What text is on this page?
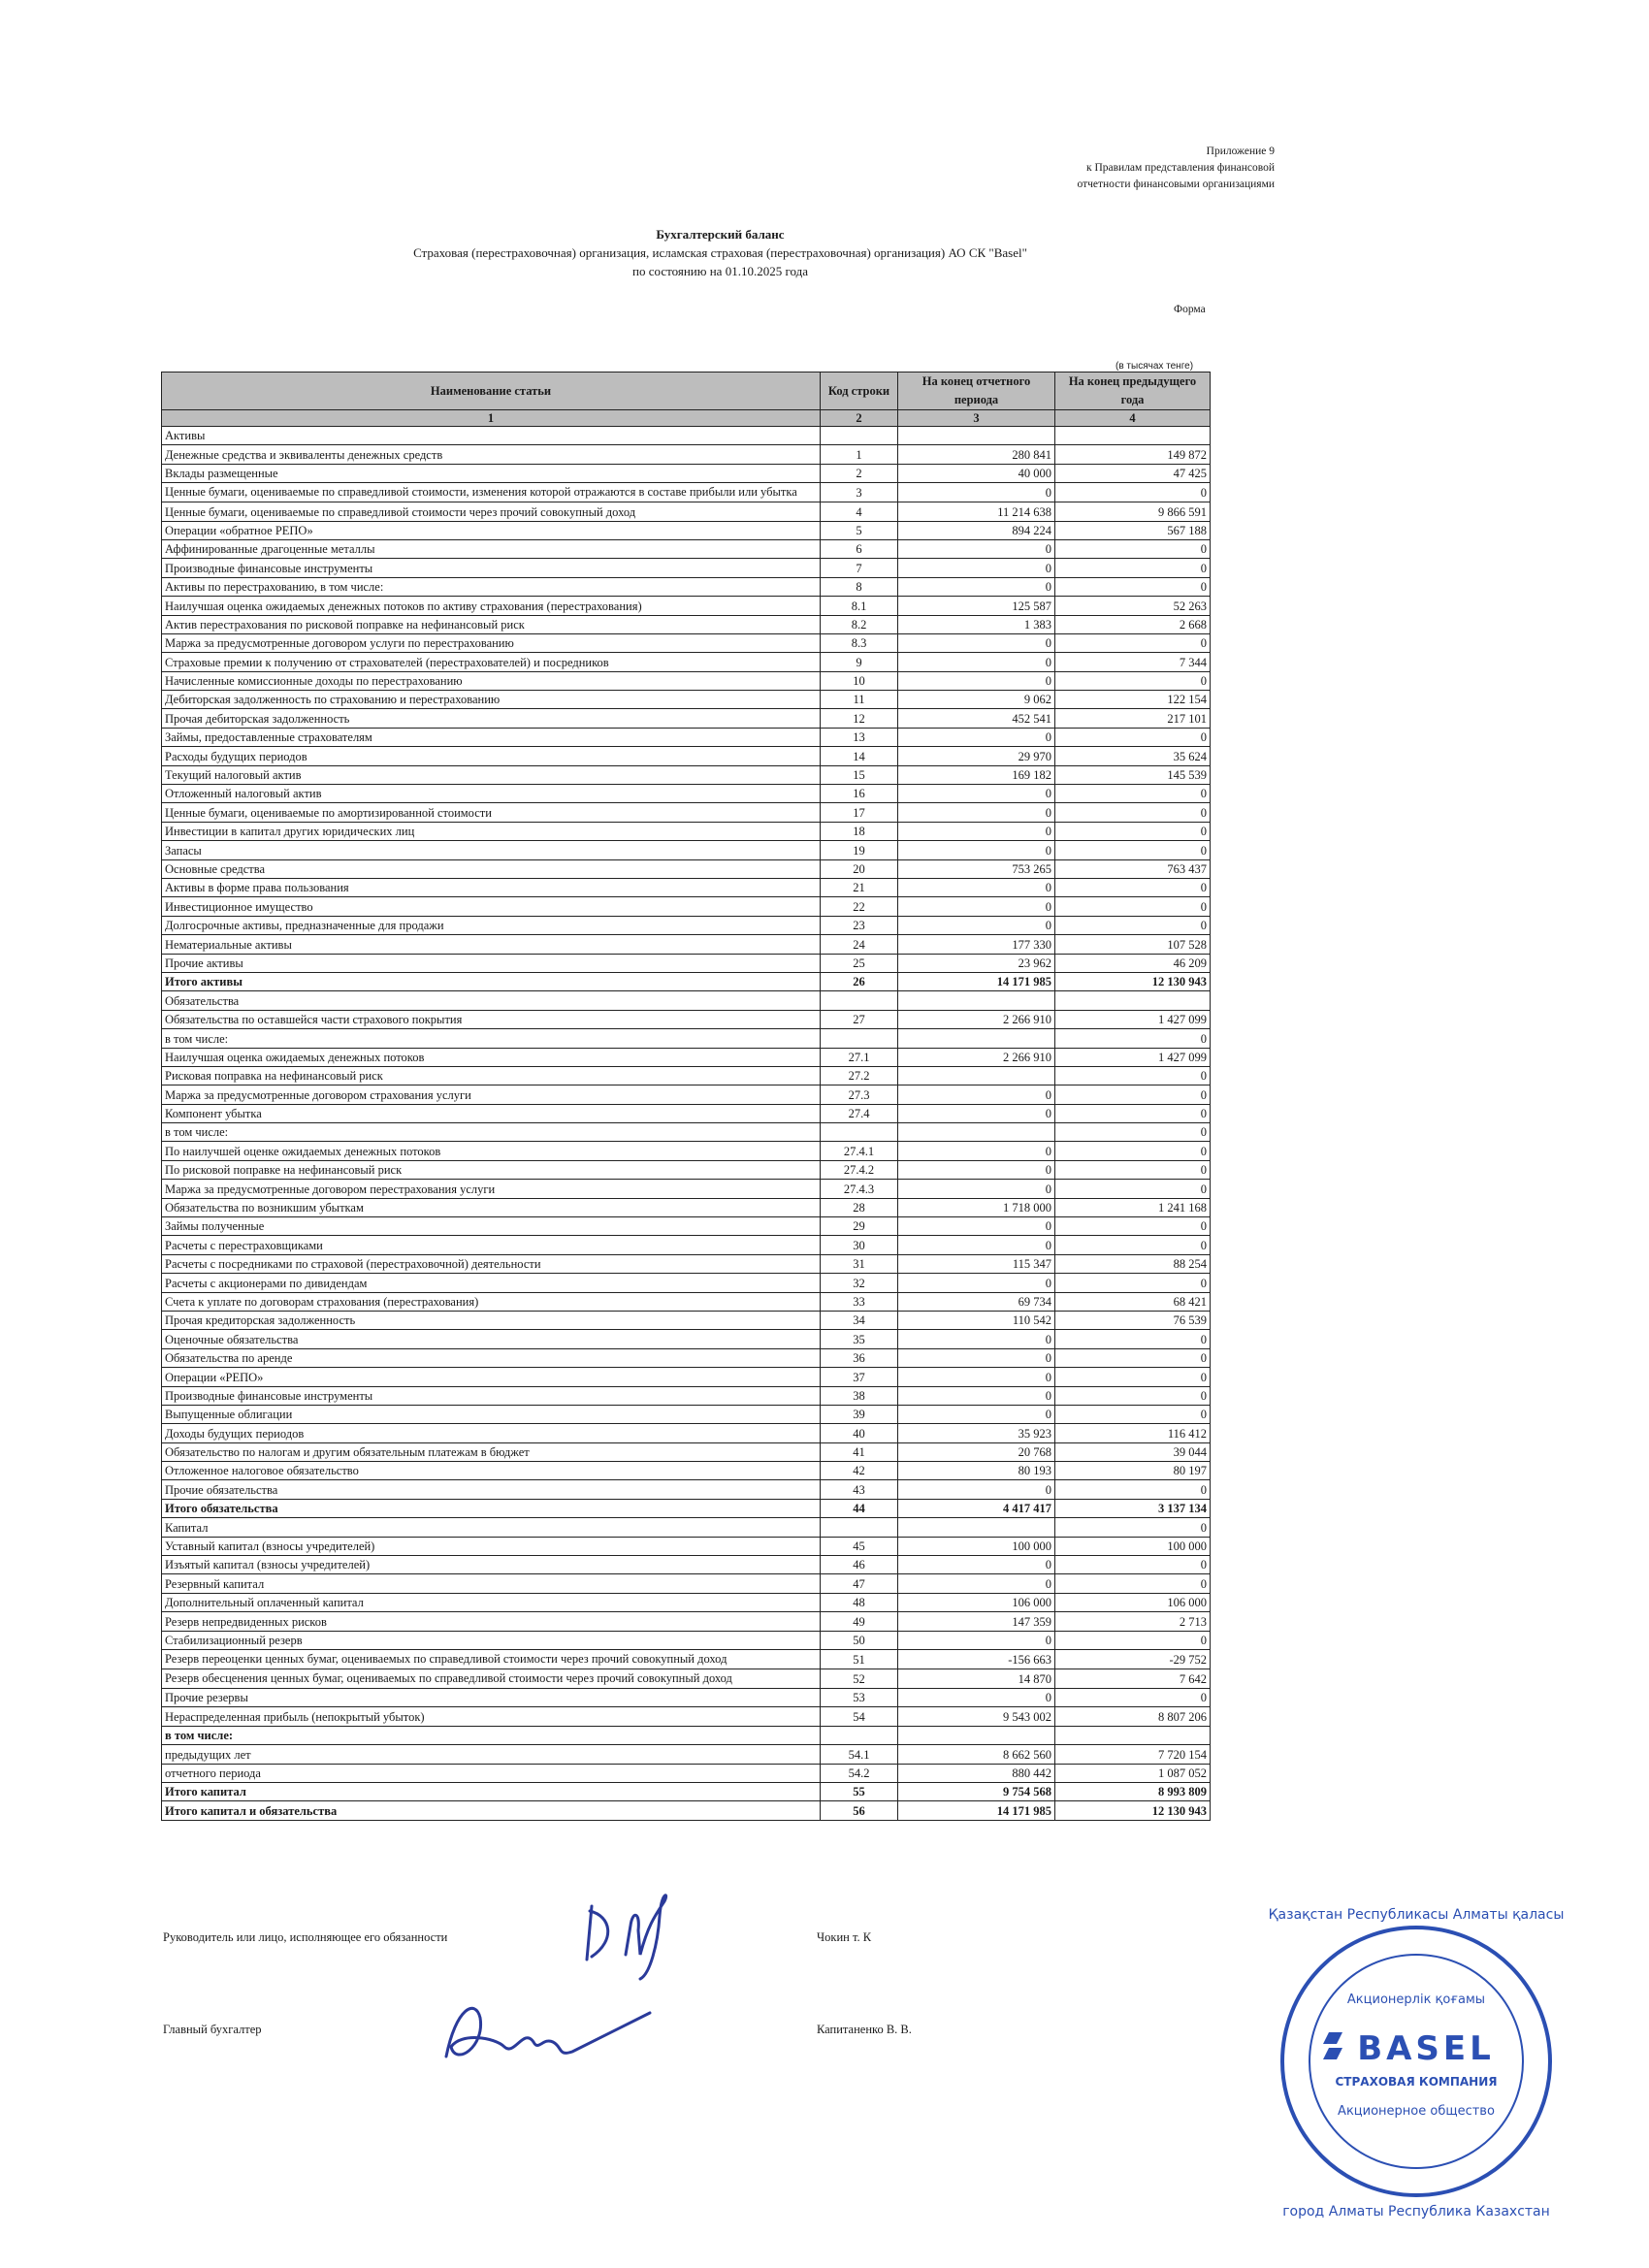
Приложение 9
к Правилам представления финансовой
отчетности финансовыми организациями
Бухгалтерский баланс
Страховая (перестраховочная) организация, исламская страховая (перестраховочная) организация) АО СК "Basel"
по состоянию на 01.10.2025 года
Форма
(в тысячах тенге)
Наименование статьи	Код строки	На конец отчетного периода	На конец предыдущего года
1	2	3	4
Активы			
Денежные средства и эквиваленты денежных средств	1	280 841	149 872
Вклады размещенные	2	40 000	47 425
Ценные бумаги, оцениваемые по справедливой стоимости, изменения которой отражаются в составе прибыли или убытка	3	0	0
Ценные бумаги, оцениваемые по справедливой стоимости через прочий совокупный доход	4	11 214 638	9 866 591
Операции «обратное РЕПО»	5	894 224	567 188
Аффинированные драгоценные металлы	6	0	0
Производные финансовые инструменты	7	0	0
Активы по перестрахованию, в том числе:	8	0	0
Наилучшая оценка ожидаемых денежных потоков по активу страхования (перестрахования)	8.1	125 587	52 263
Актив перестрахования по рисковой поправке на нефинансовый риск	8.2	1 383	2 668
Маржа за предусмотренные договором услуги по перестрахованию	8.3	0	0
Страховые премии к получению от страхователей (перестрахователей) и посредников	9	0	7 344
Начисленные комиссионные доходы по перестрахованию	10	0	0
Дебиторская задолженность по страхованию и перестрахованию	11	9 062	122 154
Прочая дебиторская задолженность	12	452 541	217 101
Займы, предоставленные страхователям	13	0	0
Расходы будущих периодов	14	29 970	35 624
Текущий налоговый актив	15	169 182	145 539
Отложенный налоговый актив	16	0	0
Ценные бумаги, оцениваемые по амортизированной стоимости	17	0	0
Инвестиции в капитал других юридических лиц	18	0	0
Запасы	19	0	0
Основные средства	20	753 265	763 437
Активы в форме права пользования	21	0	0
Инвестиционное имущество	22	0	0
Долгосрочные активы, предназначенные для продажи	23	0	0
Нематериальные активы	24	177 330	107 528
Прочие активы	25	23 962	46 209
Итого активы	26	14 171 985	12 130 943
Обязательства			
Обязательства по оставшейся части страхового покрытия	27	2 266 910	1 427 099
в том числе:			0
Наилучшая оценка ожидаемых денежных потоков	27.1	2 266 910	1 427 099
Рисковая поправка на нефинансовый риск	27.2		0
Маржа за предусмотренные договором страхования услуги	27.3	0	0
Компонент убытка	27.4	0	0
в том числе:			0
По наилучшей оценке ожидаемых денежных потоков	27.4.1	0	0
По рисковой поправке на нефинансовый риск	27.4.2	0	0
Маржа за предусмотренные договором перестрахования услуги	27.4.3	0	0
Обязательства по возникшим убыткам	28	1 718 000	1 241 168
Займы полученные	29	0	0
Расчеты с перестраховщиками	30	0	0
Расчеты с посредниками по страховой (перестраховочной) деятельности	31	115 347	88 254
Расчеты с акционерами по дивидендам	32	0	0
Счета к уплате по договорам страхования (перестрахования)	33	69 734	68 421
Прочая кредиторская задолженность	34	110 542	76 539
Оценочные обязательства	35	0	0
Обязательства по аренде	36	0	0
Операции «РЕПО»	37	0	0
Производные финансовые инструменты	38	0	0
Выпущенные облигации	39	0	0
Доходы будущих периодов	40	35 923	116 412
Обязательство по налогам и другим обязательным платежам в бюджет	41	20 768	39 044
Отложенное налоговое обязательство	42	80 193	80 197
Прочие обязательства	43	0	0
Итого обязательства	44	4 417 417	3 137 134
Капитал			0
Уставный капитал (взносы учредителей)	45	100 000	100 000
Изъятый капитал (взносы учредителей)	46	0	0
Резервный капитал	47	0	0
Дополнительный оплаченный капитал	48	106 000	106 000
Резерв непредвиденных рисков	49	147 359	2 713
Стабилизационный резерв	50	0	0
Резерв переоценки ценных бумаг, оцениваемых по справедливой стоимости через прочий совокупный доход	51	-156 663	-29 752
Резерв обесценения ценных бумаг, оцениваемых по справедливой стоимости через прочий совокупный доход	52	14 870	7 642
Прочие резервы	53	0	0
Нераспределенная прибыль (непокрытый убыток)	54	9 543 002	8 807 206
в том числе:			
предыдущих лет	54.1	8 662 560	7 720 154
отчетного периода	54.2	880 442	1 087 052
Итого капитал	55	9 754 568	8 993 809
Итого капитал и обязательства	56	14 171 985	12 130 943
Руководитель или лицо, исполняющее его обязанности	Чокин т. К
Главный бухгалтер	Капитаненко В. В.
Қазақстан Республикасы Алматы қаласы
Акционерлік қоғамы
BASEL
СТРАХОВАЯ КОМПАНИЯ
Акционерное общество
город Алматы Республика Казахстан
